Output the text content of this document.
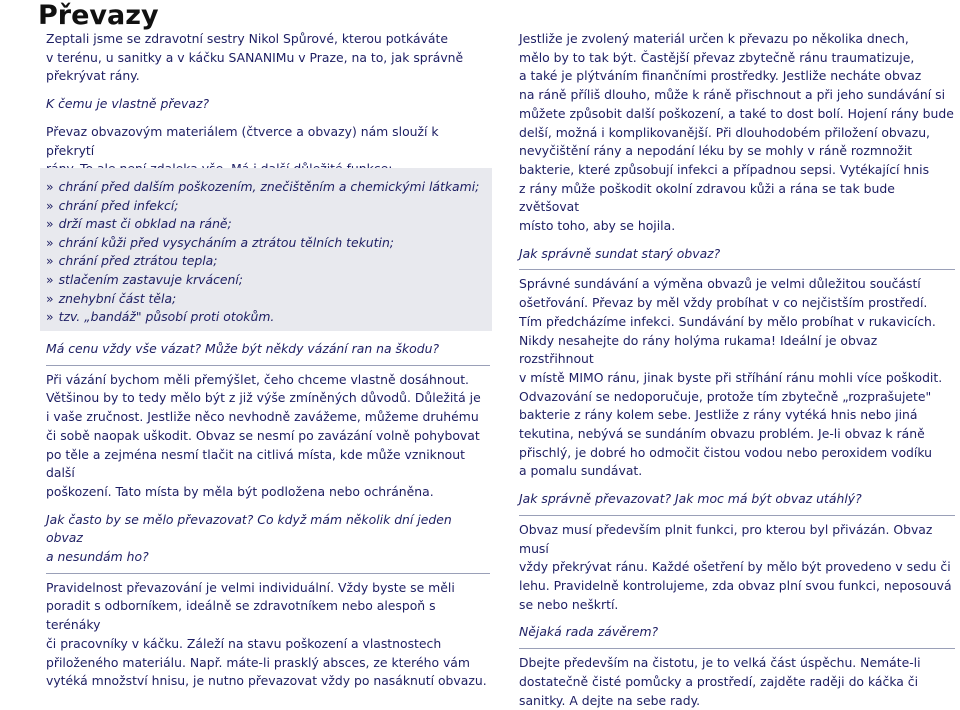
Převazy

Zeptali jsme se zdravotní sestry Nikol Spůrové, kterou potkáváte

v terénu, u sanitky a v káčku SANANIMu v Praze, na to, jak správně

překrývat rány.

K čemu je vlastně převaz?

Převaz obvazovým materiálem (čtverce a obvazy) nám slouží k překrytí

» chrání před dalším poškozením, znečištěním a chemickými látkami;
» chrání před infekcí;
» drží mast či obklad na ráně;
» chrání kůži před vysycháním a ztrátou tělních tekutin;
» chrání před ztrátou tepla;
» stlačením zastavuje krvácení;
» znehybní část těla;
» tzv. „bandáž" působí proti otokům.

Má cenu vždy vše vázat? Může být někdy vázání ran na škodu?

Při vázání bychom měli přemýšlet, čeho chceme vlastně dosáhnout.

Většinou by to tedy mělo být z již výše zmíněných důvodů. Důležitá je

i vaše zručnost. Jestliže něco nevhodně zavážeme, můžeme druhému

či sobě naopak uškodit. Obvaz se nesmí po zavázání volně pohybovat

po těle a zejména nesmí tlačit na citlivá místa, kde může vzniknout další

poškození. Tato místa by měla být podložena nebo ochráněna.

Jak často by se mělo převazovat? Co když mám několik dní jeden obvaz

a nesundám ho?

Pravidelnost převazování je velmi individuální. Vždy byste se měli

poradit s odborníkem, ideálně se zdravotníkem nebo alespoň s terénáky

či pracovníky v káčku. Záleží na stavu poškození a vlastnostech

přiloženého materiálu. Např. máte-li prasklý absces, ze kterého vám

vytéká množství hnisu, je nutno převazovat vždy po nasáknutí obvazu.

Jestliže je zvolený materiál určen k převazu po několika dnech,

mělo by to tak být. Častější převaz zbytečně ránu traumatizuje,

a také je plýtváním finančními prostředky. Jestliže necháte obvaz

na ráně příliš dlouho, může k ráně přischnout a při jeho sundávání si

můžete způsobit další poškození, a také to dost bolí. Hojení rány bude

delší, možná i komplikovanější. Při dlouhodobém přiložení obvazu,

nevyčištění rány a nepodání léku by se mohly v ráně rozmnožit

bakterie, které způsobují infekci a případnou sepsi. Vytékající hnis

z rány může poškodit okolní zdravou kůži a rána se tak bude zvětšovat

místo toho, aby se hojila.

Jak správně sundat starý obvaz?

Správné sundávání a výměna obvazů je velmi důležitou součástí

ošetřování. Převaz by měl vždy probíhat v co nejčistším prostředí.

Tím předcházíme infekci. Sundávání by mělo probíhat v rukavicích.

Nikdy nesahejte do rány holýma rukama! Ideální je obvaz rozstřihnout

v místě MIMO ránu, jinak byste při stříhání ránu mohli více poškodit.

Odvazování se nedoporučuje, protože tím zbytečně „rozprašujete"

bakterie z rány kolem sebe. Jestliže z rány vytéká hnis nebo jiná

tekutina, nebývá se sundáním obvazu problém. Je-li obvaz k ráně

přischlý, je dobré ho odmočit čistou vodou nebo peroxidem vodíku

a pomalu sundávat.

Jak správně převazovat? Jak moc má být obvaz utáhlý?

Obvaz musí především plnit funkci, pro kterou byl přivázán. Obvaz musí

vždy překrývat ránu. Každé ošetření by mělo být provedeno v sedu či

lehu. Pravidelně kontrolujeme, zda obvaz plní svou funkci, neposouvá

se nebo neškrtí.

Nějaká rada závěrem?

Dbejte především na čistotu, je to velká část úspěchu. Nemáte-li

dostatečně čisté pomůcky a prostředí, zajděte raději do káčka či

sanitky. A dejte na sebe rady.
